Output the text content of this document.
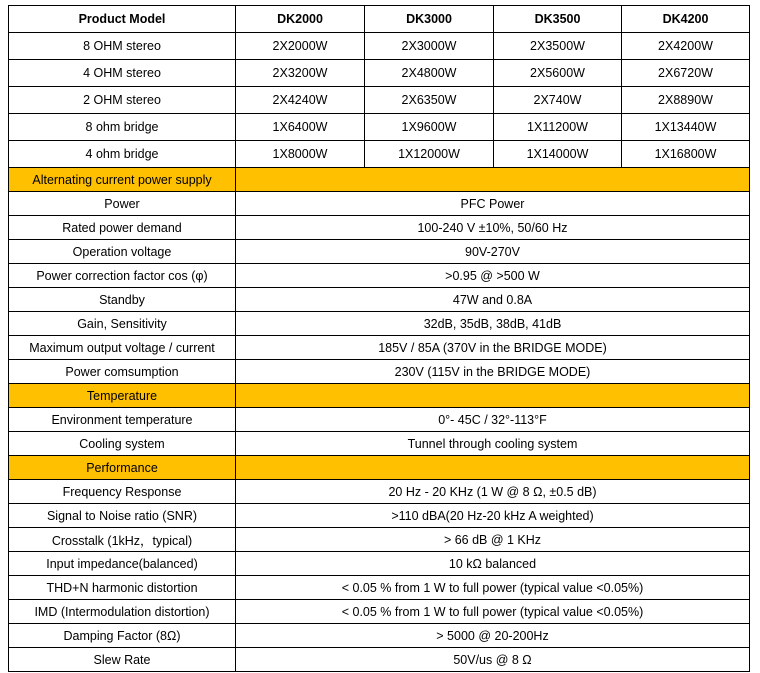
Product Model	DK2000	DK3000	DK3500	DK4200
8 OHM stereo	2X2000W	2X3000W	2X3500W	2X4200W
4 OHM stereo	2X3200W	2X4800W	2X5600W	2X6720W
2 OHM stereo	2X4240W	2X6350W	2X740W	2X8890W
8 ohm bridge	1X6400W	1X9600W	1X11200W	1X13440W
4 ohm bridge	1X8000W	1X12000W	1X14000W	1X16800W
Alternating current power supply				
Power	PFC Power			
Rated power demand	100-240 V ±10%, 50/60 Hz			
Operation voltage	90V-270V			
Power correction factor cos (φ)	>0.95 @ >500 W			
Standby	47W and 0.8A			
Gain, Sensitivity	32dB, 35dB, 38dB, 41dB			
Maximum output voltage / current	185V / 85A (370V in the BRIDGE MODE)			
Power comsumption	230V (115V in the BRIDGE MODE)			
Temperature				
Environment temperature	0°- 45C / 32°-113°F			
Cooling system	Tunnel through cooling system			
Performance				
Frequency Response	20 Hz - 20 KHz (1 W @ 8 Ω, ±0.5 dB)			
Signal to Noise ratio (SNR)	>110 dBA(20 Hz-20 kHz A weighted)			
Crosstalk (1kHz，typical)	> 66 dB @ 1 KHz			
Input impedance(balanced)	10 kΩ balanced			
THD+N harmonic distortion	< 0.05 % from 1 W to full power (typical value <0.05%)			
IMD (Intermodulation distortion)	< 0.05 % from 1 W to full power (typical value <0.05%)			
Damping Factor (8Ω)	> 5000 @ 20-200Hz			
Slew Rate	50V/us @ 8 Ω			
